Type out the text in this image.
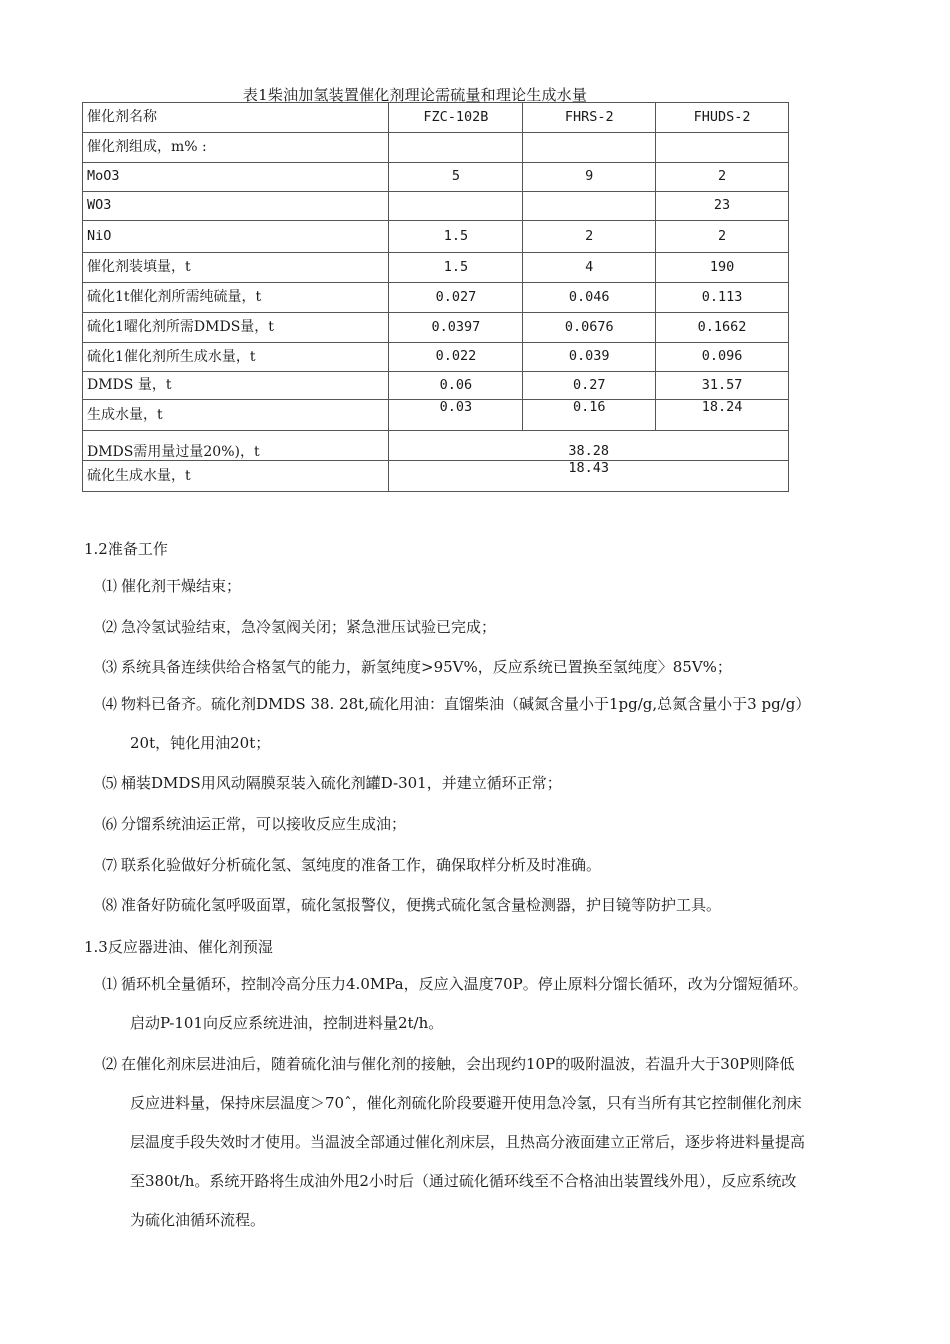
表1柴油加氢装置催化剂理论需硫量和理论生成水量
催化剂名称	FZC-102B	FHRS-2	FHUDS-2
催化剂组成，m% :			
MoO3	5	9	2
WO3			23
NiO	1.5	2	2
催化剂装填量，t	1.5	4	190
硫化1t催化剂所需纯硫量，t	0.027	0.046	0.113
硫化1曜化剂所需DMDS量，t	0.0397	0.0676	0.1662
硫化1催化剂所生成水量，t	0.022	0.039	0.096
DMDS 量，t	0.06	0.27	31.57
生成水量，t	0.03	0.16	18.24
DMDS需用量过量20%)，t	38.28		
硫化生成水量，t	18.43		
1.2准备工作
⑴ 催化剂干燥结束；
⑵ 急冷氢试验结束，急冷氢阀关闭；紧急泄压试验已完成；
⑶ 系统具备连续供给合格氢气的能力，新氢纯度>95V%，反应系统已置换至氢纯度〉85V%；
⑷ 物料已备齐。硫化剂DMDS 38. 28t,硫化用油：直馏柴油（碱氮含量小于1pg/g,总氮含量小于3 pg/g）
20t，钝化用油20t；
⑸ 桶装DMDS用风动隔膜泵装入硫化剂罐D-301，并建立循环正常；
⑹ 分馏系统油运正常，可以接收反应生成油；
⑺ 联系化验做好分析硫化氢、氢纯度的准备工作，确保取样分析及时准确。
⑻ 准备好防硫化氢呼吸面罩，硫化氢报警仪，便携式硫化氢含量检测器，护目镜等防护工具。
1.3反应器进油、催化剂预湿
⑴ 循环机全量循环，控制冷高分压力4.0MPa，反应入温度70P。停止原料分馏长循环，改为分馏短循环。
启动P-101向反应系统进油，控制进料量2t/h。
⑵ 在催化剂床层进油后，随着硫化油与催化剂的接触，会出现约10P的吸附温波，若温升大于30P则降低
反应进料量，保持床层温度＞70ˆ，催化剂硫化阶段要避开使用急冷氢，只有当所有其它控制催化剂床
层温度手段失效时才使用。当温波全部通过催化剂床层，且热高分液面建立正常后，逐步将进料量提高
至380t/h。系统开路将生成油外甩2小时后（通过硫化循环线至不合格油出装置线外甩），反应系统改
为硫化油循环流程。
